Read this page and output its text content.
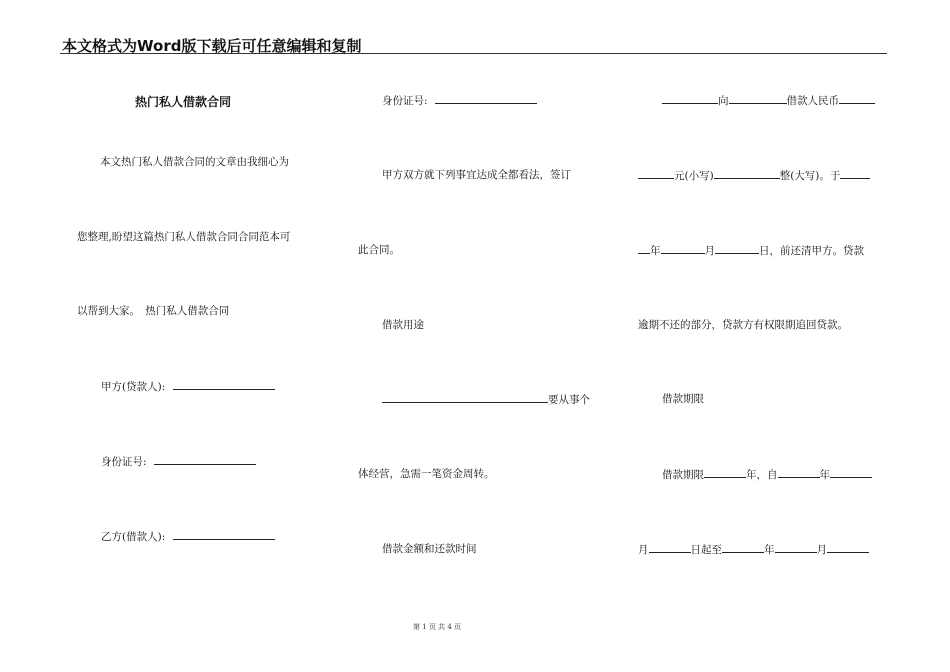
本文格式为Word版下载后可任意编辑和复制
热门私人借款合同
本文热门私人借款合同的文章由我细心为
您整理,盼望这篇热门私人借款合同合同范本可
以帮到大家。　热门私人借款合同
甲方(贷款人):
身份证号:
乙方(借款人):
身份证号:
甲方双方就下列事宜达成全都看法，签订
此合同。
借款用途
要从事个
体经营，急需一笔资金周转。
借款金额和还款时间
向	借款人民币
元(小写)	整(大写)。于
年	月	日，前还清甲方。贷款
逾期不还的部分，贷款方有权限期追回贷款。
借款期限
借款期限	年，自	年
月	日起至	年	月
第 1 页 共 4 页
